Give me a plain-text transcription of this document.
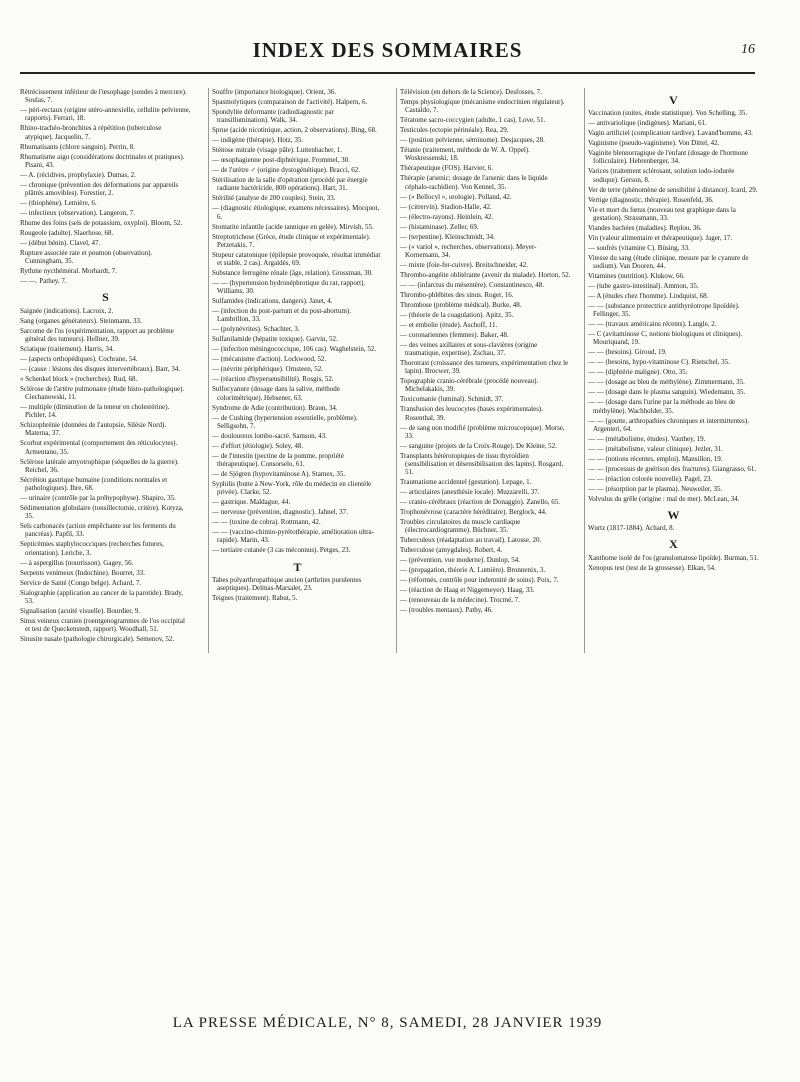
INDEX DES SOMMAIRES	16
Rétrécissement inférieur de l'œsophage (sondes à mercure). Soulas, 7.
— péri-rectaux (origine utéro-annexielle, cellulite pelvienne, rapports). Ferrari, 18.
Rhino-trachéo-bronchites à répétition (tuberculose atypique). Jacquelin, 7.
Rhumatisants (chlore sanguin). Perrin, 8.
Rhumatisme aigu (considérations doctrinales et pratiques). Pisani, 43.
— A. (récidives, prophylaxie). Dumas, 2.
— chronique (prévention des déformations par appareils plâtrés amovibles). Forestier, 2.
— (thiophène). Lemière, 6.
— infectieux (observation). Langeron, 7.
Rhume des foins (sels de potassium, oxyploi). Bloom, 52.
Rougeole (adulte). Slaerhose, 68.
— (début bénin). Clavel, 47.
Rupture associée rate et poumon (observation). Cunningham, 35.
Rythme nycthéméral. Morhardt, 7.
— —. Pathey, 7.
S
Saignée (indications). Lacroix, 2.
Sang (organes générateurs). Steinmann, 33.
Sarcome de l'os (expérimentation, rapport au problème général des tumeurs). Hellner, 39.
Sciatique (traitement). Harris, 34.
— (aspects orthopédiques). Cochrane, 54.
— (cause : lésions des disques intervertébraux). Barr, 34.
« Schenkel block » (recherches). Rud, 68.
Sclérose de l'artère pulmonaire (étude histo-pathologique). Ciechanowski, 11.
— multiple (diminution de la teneur en cholestérine). Pichler, 14.
Schizophrénie (données de l'autopsie, Silésie Nord). Materna, 37.
Scorbut expérimental (comportement des réticulocytes). Armentano, 35.
Sclérose latérale amyotrophique (séquelles de la guerre). Reichel, 36.
Sécrétion gastrique humaine (conditions normales et pathologiques). Ihre, 68.
— urinaire (contrôle par la préhypophyse). Shapiro, 35.
Sédimentation globulaire (tonsillectomie, critère). Kotyza, 35.
Sels carbonacés (action empêchante sur les ferments du pancréas). Papfil, 33.
Septicémies staphylococciques (recherches futures, orientation). Leriche, 3.
— à aspergillus (nourrisson). Gagey, 56.
Serpents venimeux (Indochine). Bourret, 33.
Service de Santé (Congo belge). Achard, 7.
Sialographie (application au cancer de la parotide). Brady, 53.
Signalisation (acuité visuelle). Bourdier, 9.
Sinus veineux cranien (roentgenogrammes de l'os occipital et test de Queckenstedt, rapport). Woodhall, 51.
Sinusite nasale (pathologie chirurgicale). Semenov, 52.
Souffre (importance biologique). Orient, 36.
Spasmolytiques (comparaison de l'activité). Halpern, 6.
Spondylite déformante (radiodiagnostic par transillumination). Walk, 34.
Sprue (acide nicotinique, action, 2 observations). Bing, 68.
— indigène (thérapie). Hotz, 35.
Sténose mitrale (visage pâle). Luttenbacher, 1.
— œsophagienne post-diphtérique. Frommel, 30.
— de l'urètre ♂ (origine dystogénétique). Bracci, 62.
Stérilisation de la salle d'opération (procédé par énergie radiante bactéricide, 800 opérations). Hart, 31.
Stérilité (analyse de 200 couples). Stein, 33.
— (diagnostic étiologique, examens nécessaires). Mocquot, 6.
Stomatite infantile (acide tannique en gelée). Mirvish, 55.
Streptotrichose (Grèce, étude clinique et expérimentale). Petzetakis, 7.
Stupeur catatonique (épilepsie provoquée, résultat immédiat et stable, 2 cas). Argaldès, 69.
Substance ferrugène rénale (âge, relation). Grossman, 30.
— — (hypertension hydronéphrotique du rat, rapport). Williams, 30.
Sulfamides (indications, dangers). Janet, 4.
— (infection du post-partum et du post-abortum). Lambrillon, 33.
— (polynévrites). Schachter, 3.
Sulfanilamide (hépatite toxique). Garvin, 52.
— (infection méningococcique, 106 cas). Waghelstein, 52.
— (mécanisme d'action). Lockwood, 52.
— (névrite périphérique). Ornsteen, 52.
— (réaction d'hypersensibilité). Rosgis, 52.
Sulfocyanure (dosage dans la salive, méthode colorimétrique). Hebsener, 63.
Syndrome de Adie (contribution). Braun, 34.
— de Cushing (hypertension essentielle, problème). Selligsohn, 7.
— douloureux lombo-sacré. Samson, 43.
— d'effort (étiologie). Soley, 48.
— de l'intestin (pectine de la pomme, propriété thérapeutique). Consorselo, 61.
— de Sjögren (hypovitaminose A). Stamex, 35.
Syphilis (butte à New-York, rôle du médecin en clientèle privée). Clarke, 52.
— gastrique. Maldague, 44.
— nerveuse (prévention, diagnostic). Jahnel, 37.
— — (toxine de cobra). Rottmann, 42.
— — (vaccino-chimio-pyrétothérapie, amélioration ultra-rapide). Marin, 43.
— tertiaire cutanée (3 cas méconnus). Petges, 23.
T
Tabes polyarthropathique ancien (arthrites purulentes aseptiques). Delmas-Marsalet, 23.
Teignes (traitement). Rabut, 5.
Télévision (en dehors de la Science). Desfosses, 7.
Temps physiologique (mécanisme endocrinien régulateur). Castaldo, 7.
Tératome sacro-coccygien (adulte, 1 cas). Love, 51.
Testicules (ectopie périnéale). Rea, 29.
— (position pelvienne, séminome). Desjacques, 28.
Tétanie (traitement, méthode de W. A. Oppel). Woskressenski, 18.
Thérapeutique (FOS). Harvier, 6.
Thérapie (arsenic; dosage de l'arsenic dans le liquide céphalo-rachidien). Von Kennel, 35.
— (« Bellocyl », urologie). Polland, 42.
— (citrervin). Stadion-Halle, 42.
— (électro-rayons). Heinlein, 42.
— (histaminase). Zeller, 69.
— (terpentine). Kleinschmidt, 34.
— (« variol », recherches, observations). Meyer-Kornemann, 34.
— mixte (foie-fer-cuivre). Breitschneider, 42.
Thrombo-angéite oblitérante (avenir du malade). Horton, 52.
— — (infarctus du mésentère). Constantinesco, 48.
Thrombo-phlébites des sinus. Roger, 16.
Thrombose (problème médical). Burke, 48.
— (théorie de la coagulation). Apitz, 35.
— et embolie (étude). Aschoff, 11.
— coronariennes (femmes). Baker, 48.
— des veines axillaires et sous-clavières (origine traumatique, expertise). Zschau, 37.
Thorotrast (croissance des tumeurs, expérimentation chez le lapin). Brocwer, 39.
Topographie cranio-cérébrale (procédé nouveau). Michelakakis, 39.
Toxicomanie (luminal). Schmidt, 37.
Transfusion des leucocytes (bases expérimentales). Rosenthal, 39.
— de sang non modifié (problème microscopique). Morse, 33.
— sanguine (projets de la Croix-Rouge). De Kleine, 52.
Transplants hétérotopiques de tissu thyroïdien (sensibilisation et désensibilisation des lapins). Rosgard, 51.
Traumatisme accidentel (gestation). Lepage, 1.
— articulaires (anesthésie locale). Muzzarelli, 37.
— cranio-cérébraux (réaction de Donaggio). Zanello, 65.
Trophonévrose (caractère héréditaire). Berglock, 44.
Troubles circulatoires du muscle cardiaque (électrocardiogramme). Büchner, 35.
Tuberculeux (réadaptation au travail). Latosse, 20.
Tuberculose (amygdales). Robert, 4.
— (prévention, vue moderne). Dunlop, 54.
— (propagation, théorie A. Lumière). Bronnenix, 3.
— (réformés, contrôle pour indemnité de soins). Poix, 7.
— (réaction de Haag et Niggemeyer). Haag, 33.
— (renouveau de la médecine). Trocmé, 7.
— (troubles mentaux). Pathy, 46.
V
Vaccination (suites, étude statistique). Von Schelling, 35.
— antivariolique (indigènes). Mariani, 61.
Vagin artificiel (complication tardive). Lavand'homme, 43.
Vaginisme (pseudo-vaginisme). Von Dittel, 42.
Vaginite blennorragique de l'enfant (dosage de l'hormone folliculaire). Hebrenberger, 34.
Varices (traitement sclérosant, solution iodo-iodurée sodique). Gerson, 8.
Ver de terre (phénomène de sensibilité à distance). Icard, 29.
Vertige (diagnostic, thérapie). Rosenfeld, 36.
Vie et mort du fœtus (nouveau test graphique dans la gestation). Strassmann, 33.
Viandes hachées (maladies). Replou, 36.
Vin (valeur alimentaire et thérapeutique). Jager, 17.
— soufrés (vitamine C). Büsing, 33.
Vitesse du sang (étude clinique, mesure par le cyanure de sodium). Van Dooren, 44.
Vitamines (nutrition). Klukow, 66.
— (tube gastro-intestinal). Ammon, 35.
— A (études chez l'homme). Lindquist, 68.
— — (substance protectrice antithyréotrope lipoïdée). Fellinger, 35.
— — (travaux américains récents). Langle, 2.
— C (avitaminose C, notions biologiques et cliniques). Mouriquand, 19.
— — (besoins). Giroud, 19.
— — (besoins, hypo-vitaminose C). Rietschel, 35.
— — (diphtérie maligne). Otto, 35.
— — (dosage au bleu de méthylène). Zimmermann, 35.
— — (dosage dans le plasma sanguin). Wiedemann, 35.
— — (dosage dans l'urine par la méthode au bleu de méthylène). Wachholder, 35.
— — (goutte, arthropathies chroniques et intermittentes). Argenteri, 64.
— — (métabolisme, études). Vauthey, 19.
— — (métabolisme, valeur clinique). Jezler, 31.
— — (notions récentes, emploi). Mansillon, 19.
— — (processus de guérison des fractures). Giangrasso, 61.
— — (réaction colorée nouvelle). Pagel, 23.
— — (résorption par le plasma). Neuweiler, 35.
Volvulus du grêle (origine : mal de mer). McLean, 34.
W
Wurtz (1817-1884). Achard, 8.
X
Xanthome isolé de l'os (granulomatose lipoïde). Burman, 51.
Xenopus test (test de la grossesse). Elkan, 54.
LA PRESSE MÉDICALE, N° 8, SAMEDI, 28 JANVIER 1939
